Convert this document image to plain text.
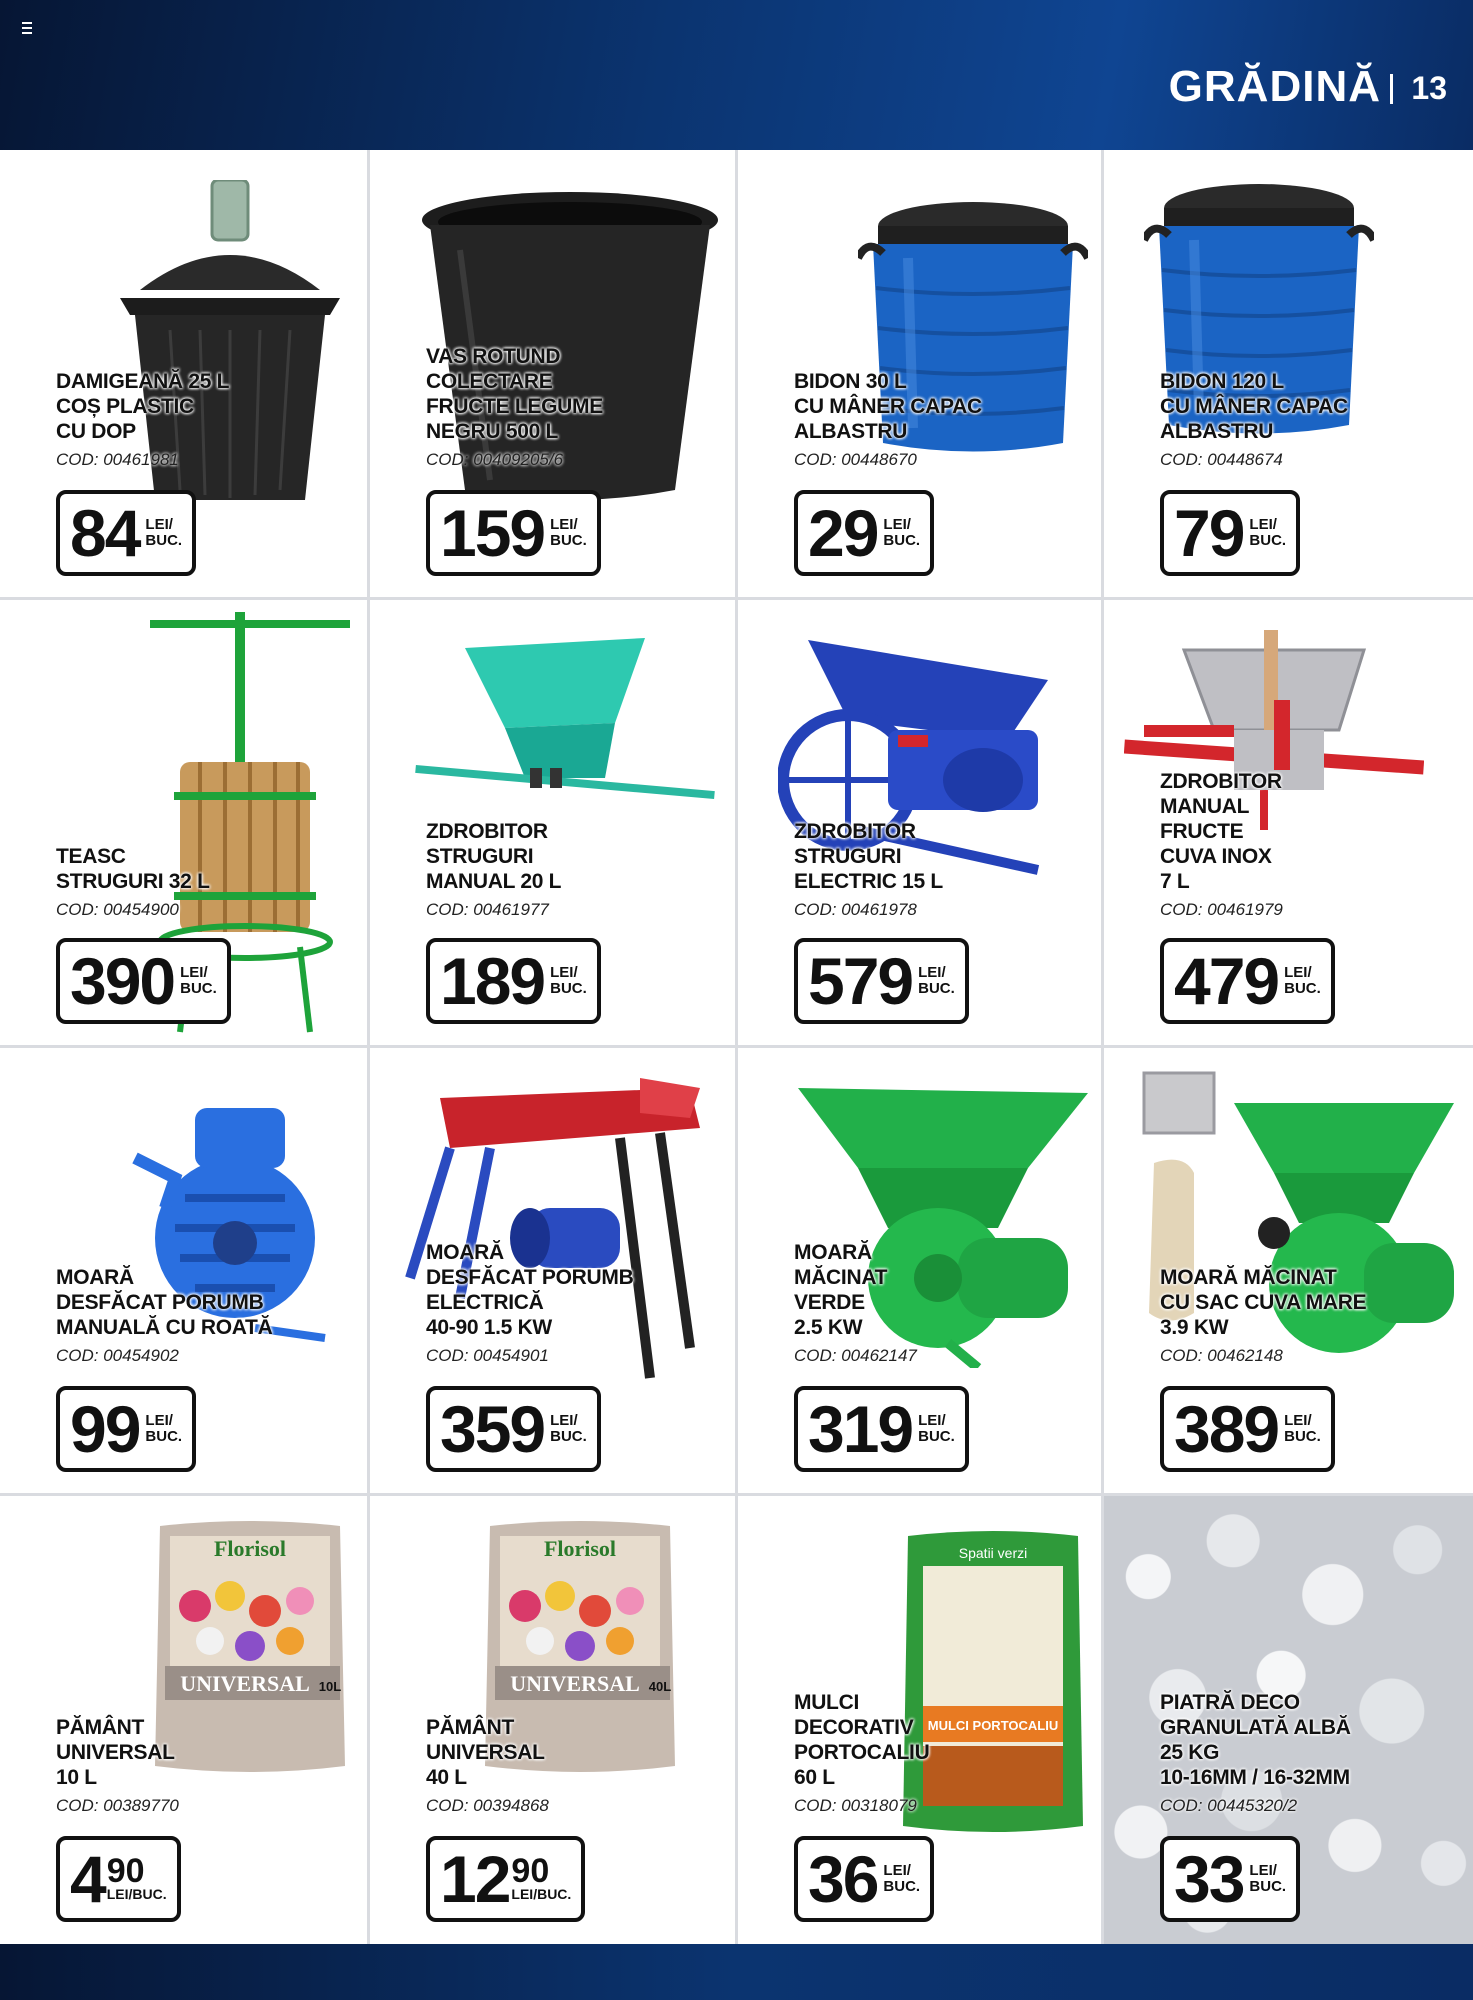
GRĂDINĂ 13
DAMIGEANĂ 25 L
COȘ PLASTIC
CU DOP
COD: 00461981
84 LEI/
BUC.
VAS ROTUND
COLECTARE
FRUCTE LEGUME
NEGRU 500 L
COD: 00409205/6
159 LEI/
BUC.
BIDON 30 L
CU MÂNER CAPAC
ALBASTRU
COD: 00448670
29 LEI/
BUC.
BIDON 120 L
CU MÂNER CAPAC
ALBASTRU
COD: 00448674
79 LEI/
BUC.
TEASC
STRUGURI 32 L
COD: 00454900
390 LEI/
BUC.
ZDROBITOR
STRUGURI
MANUAL 20 L
COD: 00461977
189 LEI/
BUC.
ZDROBITOR
STRUGURI
ELECTRIC 15 L
COD: 00461978
579 LEI/
BUC.
ZDROBITOR
MANUAL
FRUCTE
CUVA INOX
7 L
COD: 00461979
479 LEI/
BUC.
MOARĂ
DESFĂCAT PORUMB
MANUALĂ CU ROATĂ
COD: 00454902
99 LEI/
BUC.
MOARĂ
DESFĂCAT PORUMB
ELECTRICĂ
40-90 1.5 KW
COD: 00454901
359 LEI/
BUC.
MOARĂ
MĂCINAT
VERDE
2.5 KW
COD: 00462147
319 LEI/
BUC.
MOARĂ MĂCINAT
CU SAC CUVA MARE
3.9 KW
COD: 00462148
389 LEI/
BUC.
Florisol
UNIVERSAL 10L
PĂMÂNT
UNIVERSAL
10 L
COD: 00389770
4 90
LEI/BUC.
Florisol
UNIVERSAL 40L
PĂMÂNT
UNIVERSAL
40 L
COD: 00394868
12 90
LEI/BUC.
Spatii verzi
MULCI PORTOCALIU
MULCI
DECORATIV
PORTOCALIU
60 L
COD: 00318079
36 LEI/
BUC.
PIATRĂ DECO
GRANULATĂ ALBĂ
25 KG
10-16MM / 16-32MM
COD: 00445320/2
33 LEI/
BUC.
